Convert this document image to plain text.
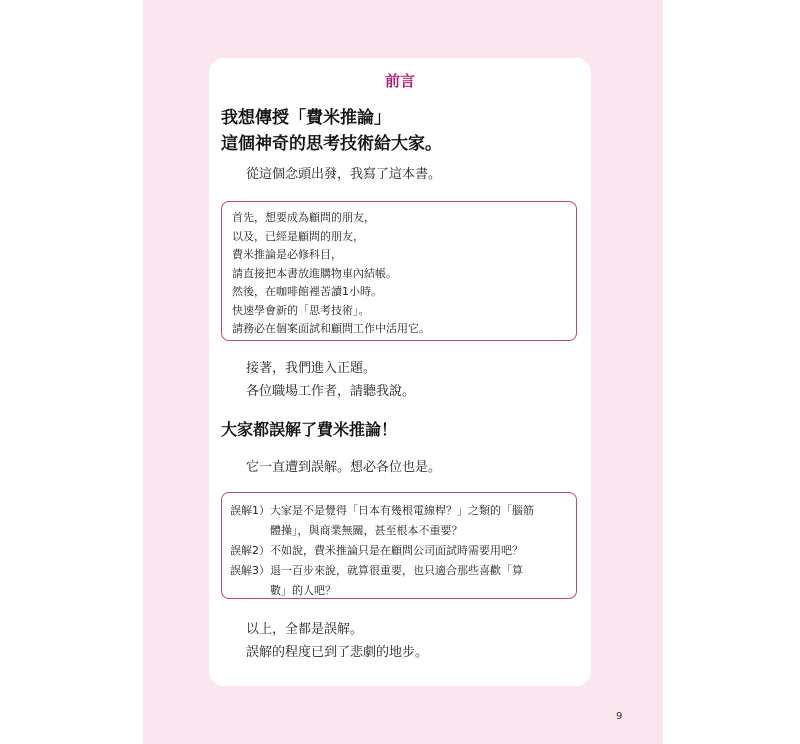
前言
我想傳授「費米推論」
這個神奇的思考技術給大家。
從這個念頭出發，我寫了這本書。
首先，想要成為顧問的朋友，
以及，已經是顧問的朋友，
費米推論是必修科目，
請直接把本書放進購物車內結帳。
然後，在咖啡館裡苦讀1小時。
快速學會新的「思考技術」。
請務必在個案面試和顧問工作中活用它。
接著，我們進入正題。
各位職場工作者，請聽我說。
大家都誤解了費米推論！
它一直遭到誤解。想必各位也是。
誤解1） 大家是不是覺得「日本有幾根電線桿？」之類的「腦筋
體操」，與商業無關，甚至根本不重要？
誤解2） 不如說，費米推論只是在顧問公司面試時需要用吧？
誤解3） 退一百步來說，就算很重要，也只適合那些喜歡「算
數」的人吧？
以上，全都是誤解。
誤解的程度已到了悲劇的地步。
9
